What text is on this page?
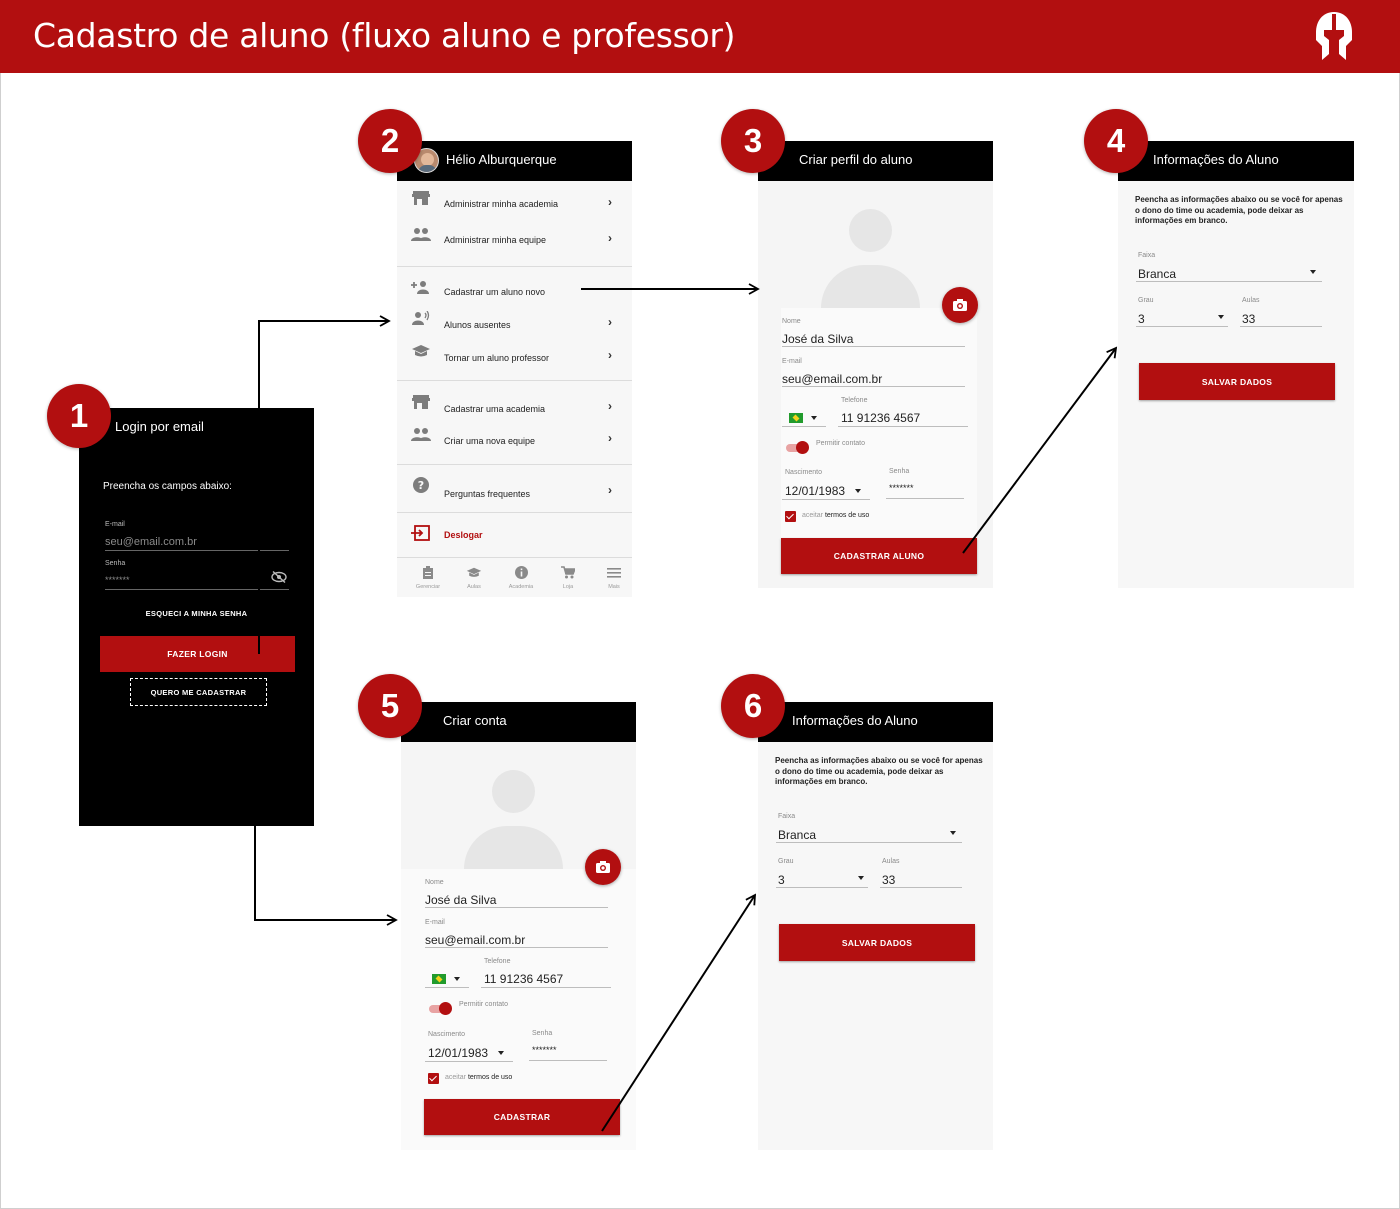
Cadastro de aluno (fluxo aluno e professor)
1
2	3	4
5	6
Login por email
Preencha os campos abaixo:
E-mail
seu@email.com.br
Senha
*******
ESQUECI A MINHA SENHA
FAZER LOGIN
QUERO ME CADASTRAR
Hélio Alburquerque
Administrar minha academia	›
Administrar minha equipe	›
Cadastrar um aluno novo
Alunos ausentes	›
Tornar um aluno professor	›
Cadastrar uma academia	›
Criar uma nova equipe	›
?
Perguntas frequentes	›
Deslogar
Gerenciar	Aulas	Academia	Loja	Mais
Criar perfil do aluno
Nome
José da Silva
E-mail
seu@email.com.br
Telefone
11 91236 4567
Permitir contato
Nascimento
12/01/1983
Senha
*******
aceitar termos de uso
CADASTRAR ALUNO
Informações do Aluno
Peencha as informações abaixo ou se você for apenas o dono do time ou academia, pode deixar as informações em branco.
Faixa
Branca
Grau
3
Aulas
33
SALVAR DADOS
Criar conta
Nome
José da Silva
E-mail
seu@email.com.br
Telefone
11 91236 4567
Permitir contato
Nascimento
12/01/1983
Senha
*******
aceitar termos de uso
CADASTRAR
Informações do Aluno
Peencha as informações abaixo ou se você for apenas o dono do time ou academia, pode deixar as informações em branco.
Faixa
Branca
Grau
3
Aulas
33
SALVAR DADOS
